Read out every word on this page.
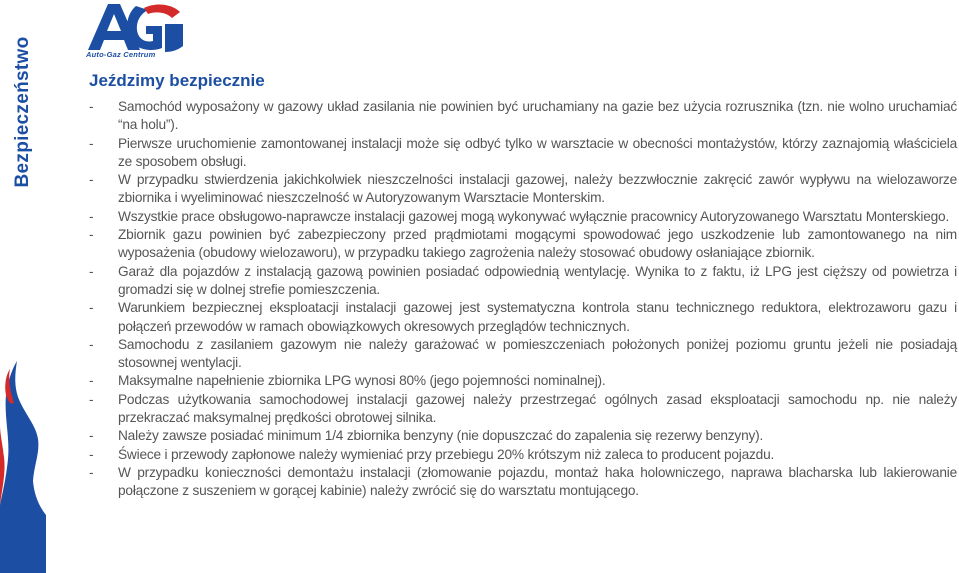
Bezpieczeństwo
16
Auto-Gaz Centrum
Jeździmy bezpiecznie
- Samochód wyposażony w gazowy układ zasilania nie powinien być uruchamiany na gazie bez użycia rozrusznika (tzn. nie wolno uruchamiać “na holu”).
- Pierwsze uruchomienie zamontowanej instalacji może się odbyć tylko w warsztacie w obecności montażystów, którzy zaznajomią właściciela ze sposobem obsługi.
- W przypadku stwierdzenia jakichkolwiek nieszczelności instalacji gazowej, należy bezzwłocznie zakręcić zawór wypływu na wielozaworze zbiornika i wyeliminować nieszczelność w Autoryzowanym Warsztacie Monterskim.
- Wszystkie prace obsługowo-naprawcze instalacji gazowej mogą wykonywać wyłącznie pracownicy Autoryzowanego Warsztatu Monterskiego.
- Zbiornik gazu powinien być zabezpieczony przed prądmiotami mogącymi spowodować jego uszkodzenie lub zamontowanego na nim wyposażenia (obudowy wielozaworu), w przypadku takiego zagrożenia należy stosować obudowy osłaniające zbiornik.
- Garaż dla pojazdów z instalacją gazową powinien posiadać odpowiednią wentylację. Wynika to z faktu, iż LPG jest cięższy od powietrza i gromadzi się w dolnej strefie pomieszczenia.
- Warunkiem bezpiecznej eksploatacji instalacji gazowej jest systematyczna kontrola stanu technicznego reduktora, elektrozaworu gazu i połączeń przewodów w ramach obowiązkowych okresowych przeglądów technicznych.
- Samochodu z zasilaniem gazowym nie należy garażować w pomieszczeniach położonych poniżej poziomu gruntu jeżeli nie posiadają stosownej wentylacji.
- Maksymalne napełnienie zbiornika LPG wynosi 80% (jego pojemności nominalnej).
- Podczas użytkowania samochodowej instalacji gazowej należy przestrzegać ogólnych zasad eksploatacji samochodu np. nie należy przekraczać maksymalnej prędkości obrotowej silnika.
- Należy zawsze posiadać minimum 1/4 zbiornika benzyny (nie dopuszczać do zapalenia się rezerwy benzyny).
- Świece i przewody zapłonowe należy wymieniać przy przebiegu 20% krótszym niż zaleca to producent pojazdu.
- W przypadku konieczności demontażu instalacji (złomowanie pojazdu, montaż haka holowniczego, naprawa blacharska lub lakierowanie połączone z suszeniem w gorącej kabinie) należy zwrócić się do warsztatu montującego.
